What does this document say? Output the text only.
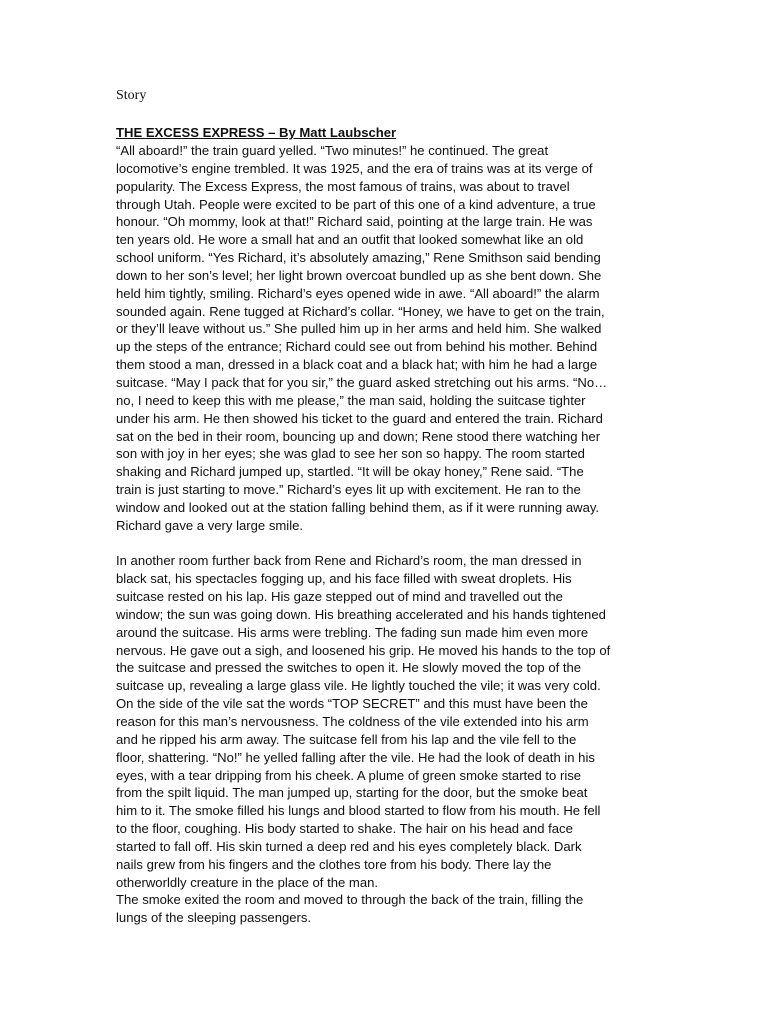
Story
THE EXCESS EXPRESS – By Matt Laubscher
“All aboard!” the train guard yelled. “Two minutes!” he continued. The great
locomotive’s engine trembled. It was 1925, and the era of trains was at its verge of
popularity. The Excess Express, the most famous of trains, was about to travel
through Utah. People were excited to be part of this one of a kind adventure, a true
honour. “Oh mommy, look at that!” Richard said, pointing at the large train. He was
ten years old. He wore a small hat and an outfit that looked somewhat like an old
school uniform. “Yes Richard, it’s absolutely amazing,” Rene Smithson said bending
down to her son’s level; her light brown overcoat bundled up as she bent down. She
held him tightly, smiling. Richard’s eyes opened wide in awe. “All aboard!” the alarm
sounded again. Rene tugged at Richard’s collar. “Honey, we have to get on the train,
or they’ll leave without us.” She pulled him up in her arms and held him. She walked
up the steps of the entrance; Richard could see out from behind his mother. Behind
them stood a man, dressed in a black coat and a black hat; with him he had a large
suitcase. “May I pack that for you sir,” the guard asked stretching out his arms. “No…
no, I need to keep this with me please,” the man said, holding the suitcase tighter
under his arm. He then showed his ticket to the guard and entered the train. Richard
sat on the bed in their room, bouncing up and down; Rene stood there watching her
son with joy in her eyes; she was glad to see her son so happy. The room started
shaking and Richard jumped up, startled. “It will be okay honey,” Rene said. “The
train is just starting to move.” Richard’s eyes lit up with excitement. He ran to the
window and looked out at the station falling behind them, as if it were running away.
Richard gave a very large smile.
In another room further back from Rene and Richard’s room, the man dressed in
black sat, his spectacles fogging up, and his face filled with sweat droplets. His
suitcase rested on his lap. His gaze stepped out of mind and travelled out the
window; the sun was going down. His breathing accelerated and his hands tightened
around the suitcase. His arms were trebling. The fading sun made him even more
nervous. He gave out a sigh, and loosened his grip. He moved his hands to the top of
the suitcase and pressed the switches to open it. He slowly moved the top of the
suitcase up, revealing a large glass vile. He lightly touched the vile; it was very cold.
On the side of the vile sat the words “TOP SECRET” and this must have been the
reason for this man’s nervousness. The coldness of the vile extended into his arm
and he ripped his arm away. The suitcase fell from his lap and the vile fell to the
floor, shattering. “No!” he yelled falling after the vile. He had the look of death in his
eyes, with a tear dripping from his cheek. A plume of green smoke started to rise
from the spilt liquid. The man jumped up, starting for the door, but the smoke beat
him to it. The smoke filled his lungs and blood started to flow from his mouth. He fell
to the floor, coughing. His body started to shake. The hair on his head and face
started to fall off. His skin turned a deep red and his eyes completely black. Dark
nails grew from his fingers and the clothes tore from his body. There lay the
otherworldly creature in the place of the man.
The smoke exited the room and moved to through the back of the train, filling the
lungs of the sleeping passengers.
